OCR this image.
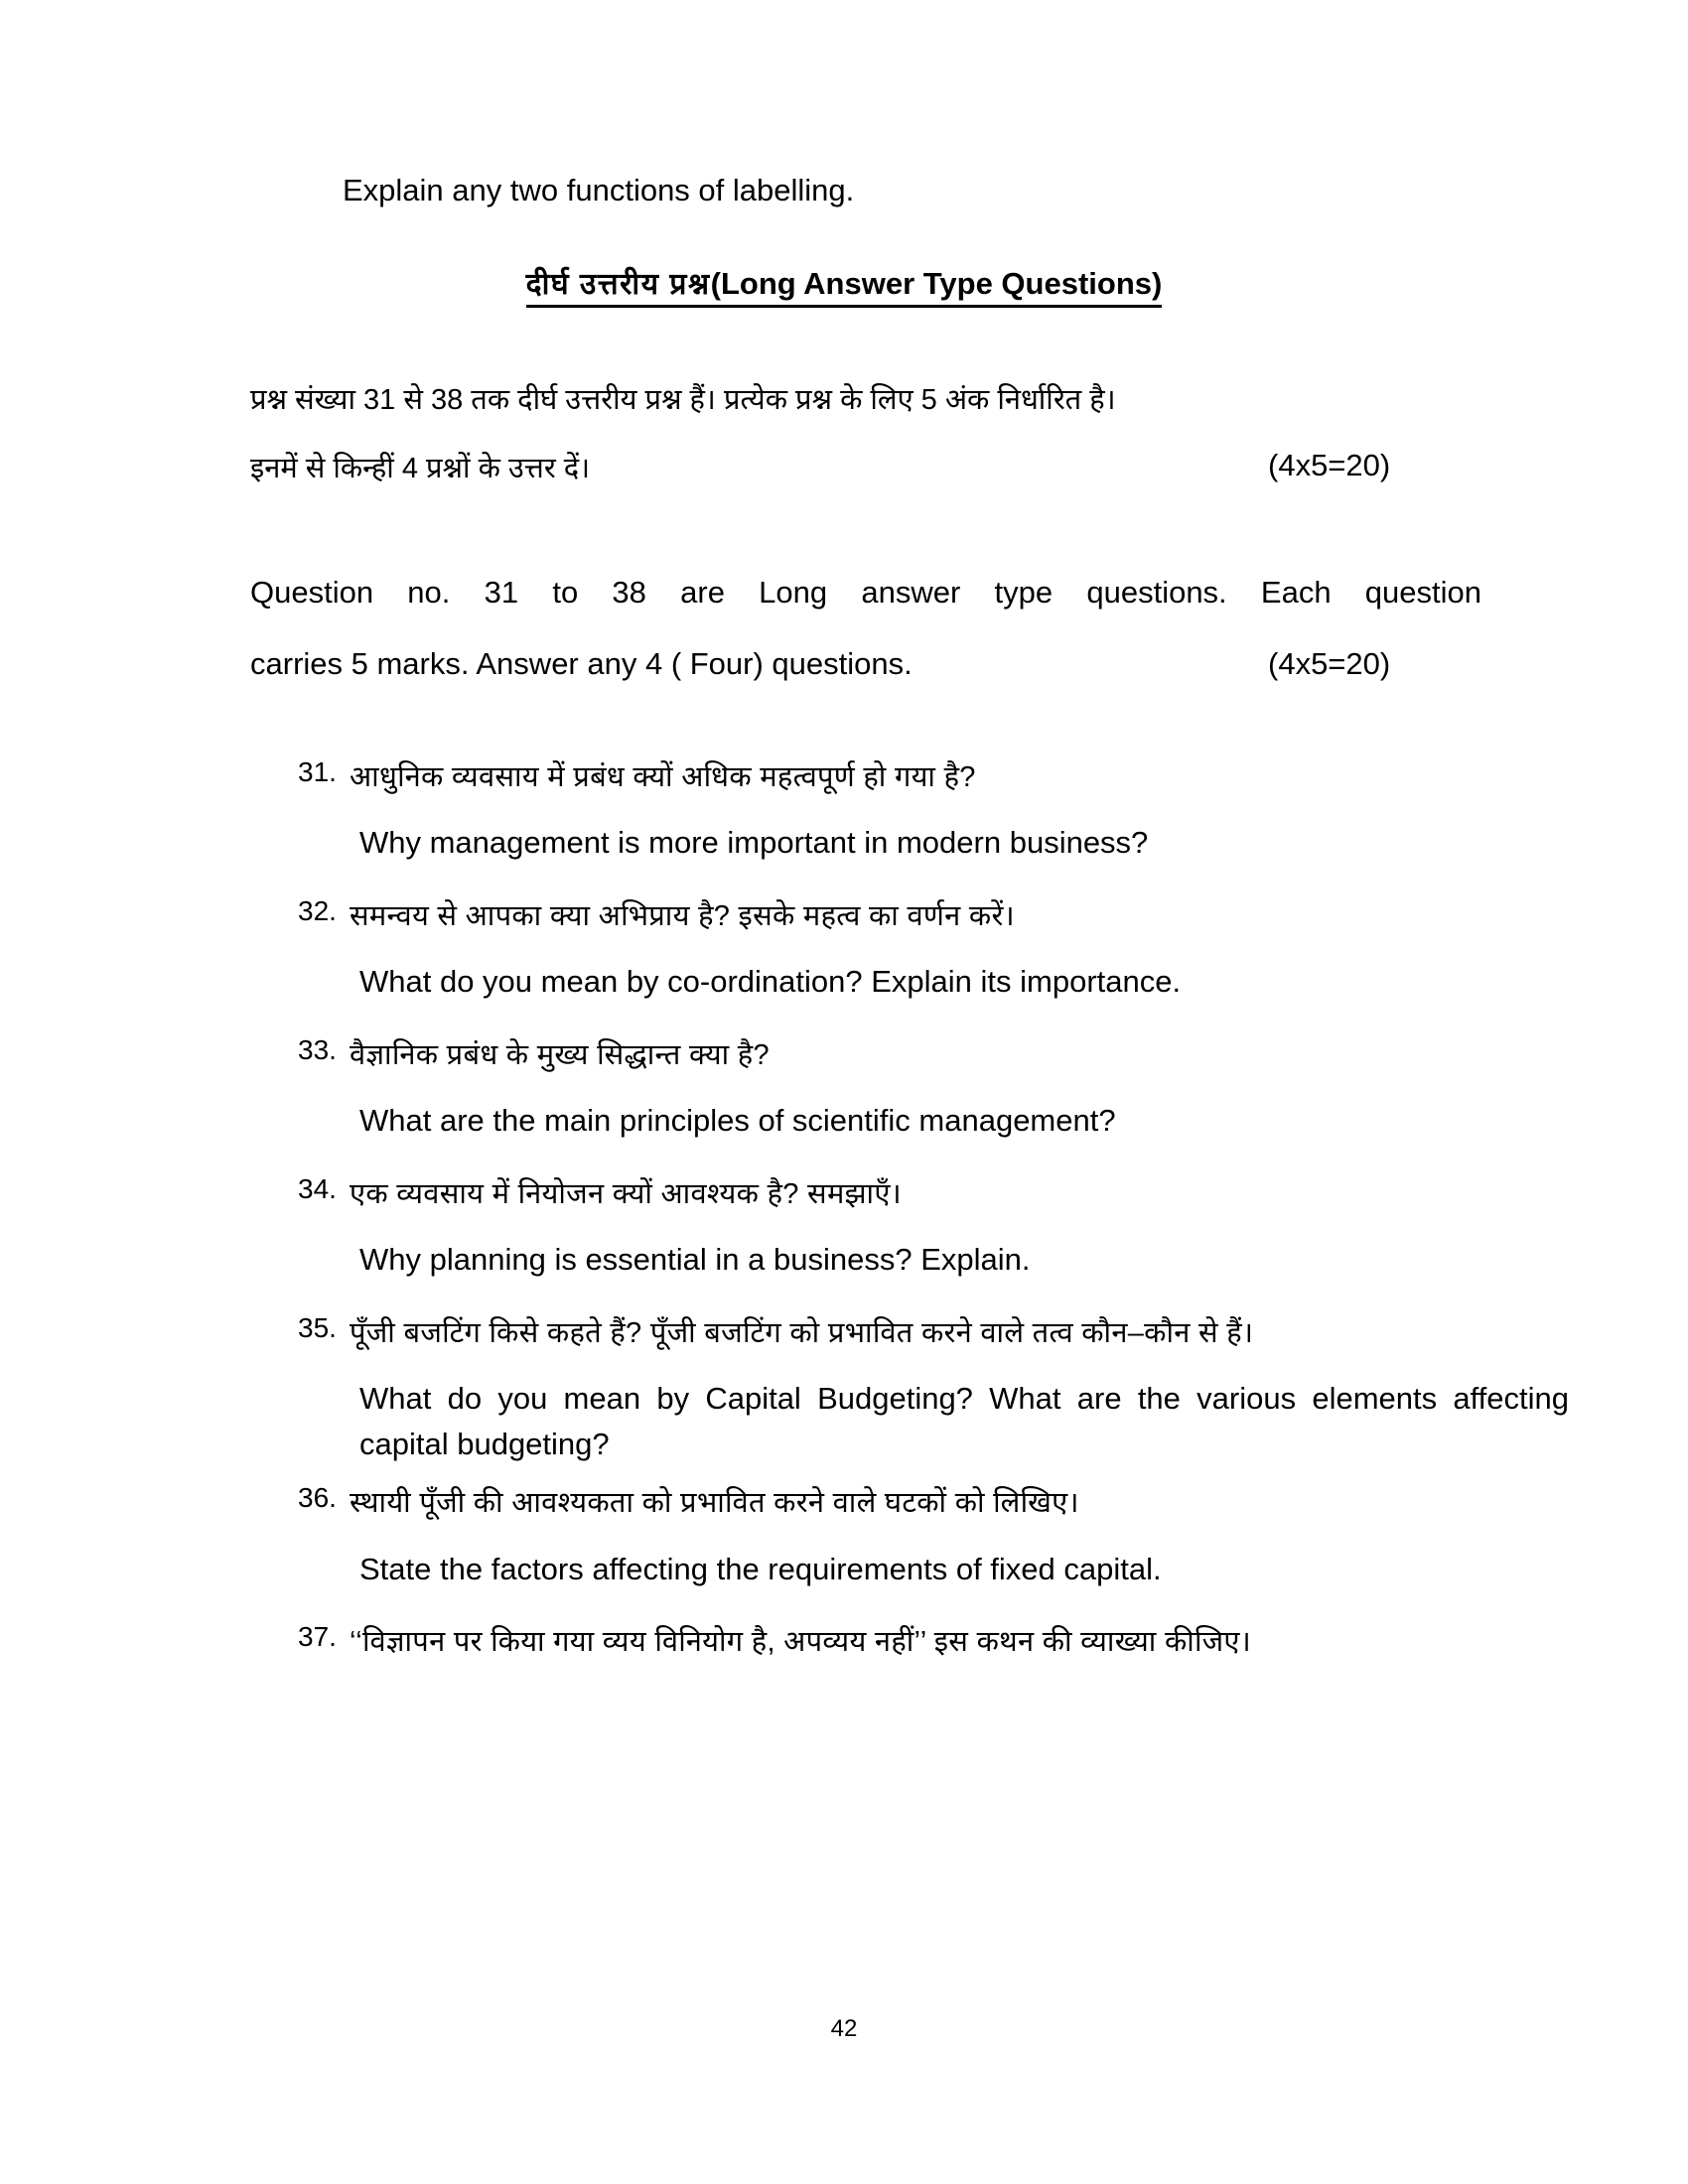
Explain any two functions of labelling.
दीर्घ उत्तरीय प्रश्न(Long Answer Type Questions)
प्रश्न संख्या 31 से 38 तक दीर्घ उत्तरीय प्रश्न हैं। प्रत्येक प्रश्न के लिए 5 अंक निर्धारित है।
इनमें से किन्हीं 4 प्रश्नों के उत्तर दें।	(4x5=20)
Question no. 31 to 38 are Long answer type questions. Each question
carries 5 marks. Answer any 4 ( Four) questions.	(4x5=20)
31. आधुनिक व्यवसाय में प्रबंध क्यों अधिक महत्वपूर्ण हो गया है?
Why management is more important in modern business?
32. समन्वय से आपका क्या अभिप्राय है? इसके महत्व का वर्णन करें।
What do you mean by co-ordination? Explain its importance.
33. वैज्ञानिक प्रबंध के मुख्य सिद्धान्त क्या है?
What are the main principles of scientific management?
34. एक व्यवसाय में नियोजन क्यों आवश्यक है? समझाएँ।
Why planning is essential in a business? Explain.
35. पूँजी बजटिंग किसे कहते हैं? पूँजी बजटिंग को प्रभावित करने वाले तत्व कौन–कौन से हैं।
What do you mean by Capital Budgeting? What are the various elements affecting capital budgeting?
36. स्थायी पूँजी की आवश्यकता को प्रभावित करने वाले घटकों को लिखिए।
State the factors affecting the requirements of fixed capital.
37. ‘‘विज्ञापन पर किया गया व्यय विनियोग है, अपव्यय नहीं’’ इस कथन की व्याख्या कीजिए।
42
